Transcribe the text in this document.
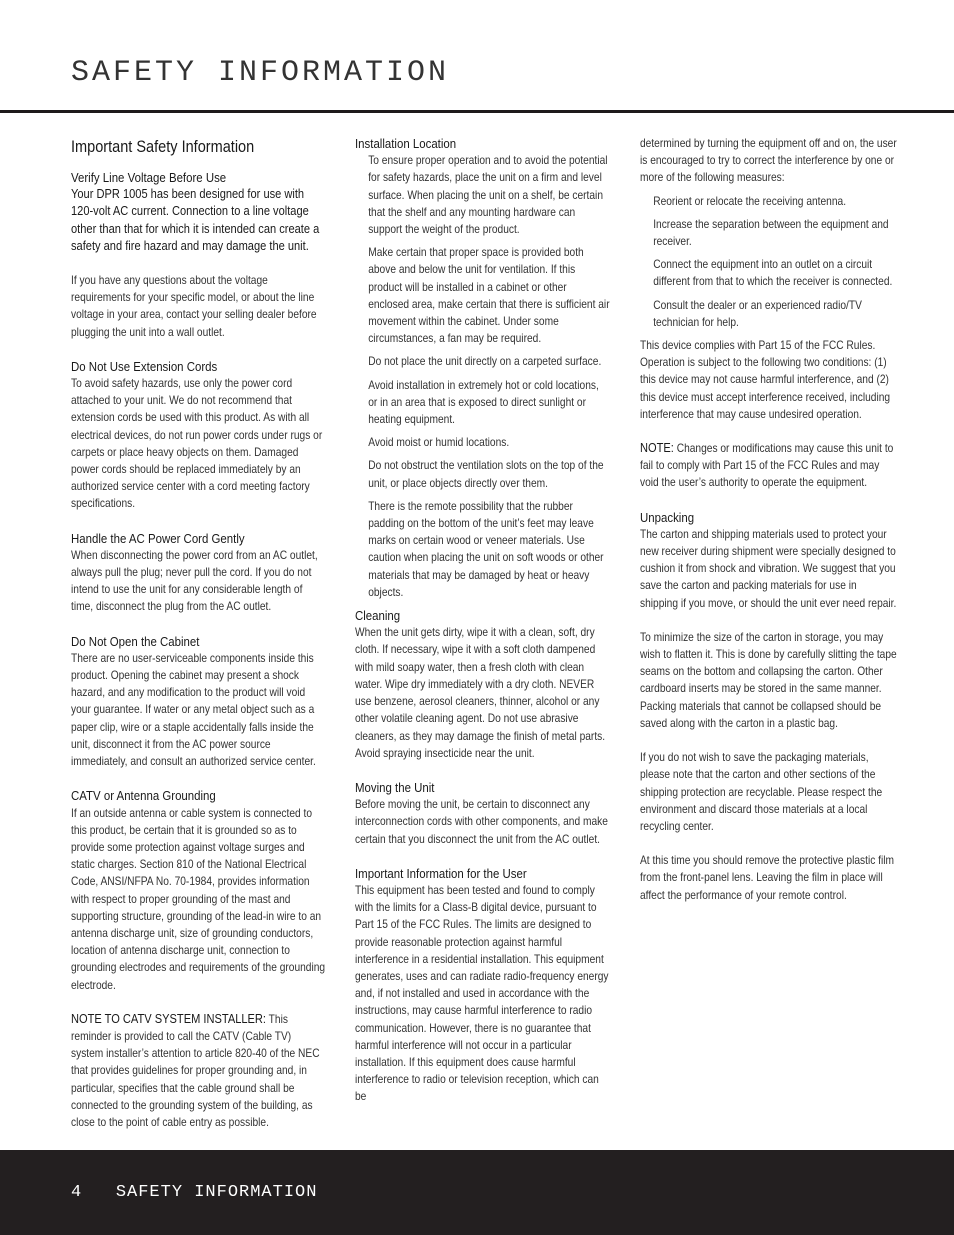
SAFETY INFORMATION
Important Safety Information
Verify Line Voltage Before Use

Your DPR 1005 has been designed for use with 120-volt AC current. Connection to a line voltage other than that for which it is intended can create a safety and fire hazard and may damage the unit.

If you have any questions about the voltage requirements for your specific model, or about the line voltage in your area, contact your selling dealer before plugging the unit into a wall outlet.

Do Not Use Extension Cords

To avoid safety hazards, use only the power cord attached to your unit. We do not recommend that extension cords be used with this product. As with all electrical devices, do not run power cords under rugs or carpets or place heavy objects on them. Damaged power cords should be replaced immediately by an authorized service center with a cord meeting factory specifications.

Handle the AC Power Cord Gently

When disconnecting the power cord from an AC outlet, always pull the plug; never pull the cord. If you do not intend to use the unit for any considerable length of time, disconnect the plug from the AC outlet.

Do Not Open the Cabinet

There are no user-serviceable components inside this product. Opening the cabinet may present a shock hazard, and any modification to the product will void your guarantee. If water or any metal object such as a paper clip, wire or a staple accidentally falls inside the unit, disconnect it from the AC power source immediately, and consult an authorized service center.

CATV or Antenna Grounding

If an outside antenna or cable system is connected to this product, be certain that it is grounded so as to provide some protection against voltage surges and static charges. Section 810 of the National Electrical Code, ANSI/NFPA No. 70-1984, provides information with respect to proper grounding of the mast and supporting structure, grounding of the lead-in wire to an antenna discharge unit, size of grounding conductors, location of antenna discharge unit, connection to grounding electrodes and requirements of the grounding electrode.

NOTE TO CATV SYSTEM INSTALLER: This reminder is provided to call the CATV (Cable TV) system installer’s attention to article 820-40 of the NEC that provides guidelines for proper grounding and, in particular, specifies that the cable ground shall be connected to the grounding system of the building, as close to the point of cable entry as possible.

Installation Location

To ensure proper operation and to avoid the potential for safety hazards, place the unit on a firm and level surface. When placing the unit on a shelf, be certain that the shelf and any mounting hardware can support the weight of the product.

Make certain that proper space is provided both above and below the unit for ventilation. If this product will be installed in a cabinet or other enclosed area, make certain that there is sufficient air movement within the cabinet. Under some circumstances, a fan may be required.

Do not place the unit directly on a carpeted surface.

Avoid installation in extremely hot or cold locations, or in an area that is exposed to direct sunlight or heating equipment.

Avoid moist or humid locations.

Do not obstruct the ventilation slots on the top of the unit, or place objects directly over them.

There is the remote possibility that the rubber padding on the bottom of the unit’s feet may leave marks on certain wood or veneer materials. Use caution when placing the unit on soft woods or other materials that may be damaged by heat or heavy objects.

Cleaning

When the unit gets dirty, wipe it with a clean, soft, dry cloth. If necessary, wipe it with a soft cloth dampened with mild soapy water, then a fresh cloth with clean water. Wipe dry immediately with a dry cloth. NEVER use benzene, aerosol cleaners, thinner, alcohol or any other volatile cleaning agent. Do not use abrasive cleaners, as they may damage the finish of metal parts. Avoid spraying insecticide near the unit.

Moving the Unit

Before moving the unit, be certain to disconnect any interconnection cords with other components, and make certain that you disconnect the unit from the AC outlet.

Important Information for the User

This equipment has been tested and found to comply with the limits for a Class-B digital device, pursuant to Part 15 of the FCC Rules. The limits are designed to provide reasonable protection against harmful interference in a residential installation. This equipment generates, uses and can radiate radio-frequency energy and, if not installed and used in accordance with the instructions, may cause harmful interference to radio communication. However, there is no guarantee that harmful interference will not occur in a particular installation. If this equipment does cause harmful interference to radio or television reception, which can be

determined by turning the equipment off and on, the user is encouraged to try to correct the interference by one or more of the following measures:

Reorient or relocate the receiving antenna.

Increase the separation between the equipment and receiver.

Connect the equipment into an outlet on a circuit different from that to which the receiver is connected.

Consult the dealer or an experienced radio/TV technician for help.

This device complies with Part 15 of the FCC Rules. Operation is subject to the following two conditions: (1) this device may not cause harmful interference, and (2) this device must accept interference received, including interference that may cause undesired operation.

NOTE: Changes or modifications may cause this unit to fail to comply with Part 15 of the FCC Rules and may void the user’s authority to operate the equipment.

Unpacking

The carton and shipping materials used to protect your new receiver during shipment were specially designed to cushion it from shock and vibration. We suggest that you save the carton and packing materials for use in shipping if you move, or should the unit ever need repair.

To minimize the size of the carton in storage, you may wish to flatten it. This is done by carefully slitting the tape seams on the bottom and collapsing the carton. Other cardboard inserts may be stored in the same manner. Packing materials that cannot be collapsed should be saved along with the carton in a plastic bag.

If you do not wish to save the packaging materials, please note that the carton and other sections of the shipping protection are recyclable. Please respect the environment and discard those materials at a local recycling center.

At this time you should remove the protective plastic film from the front-panel lens. Leaving the film in place will affect the performance of your remote control.

4 SAFETY INFORMATION
